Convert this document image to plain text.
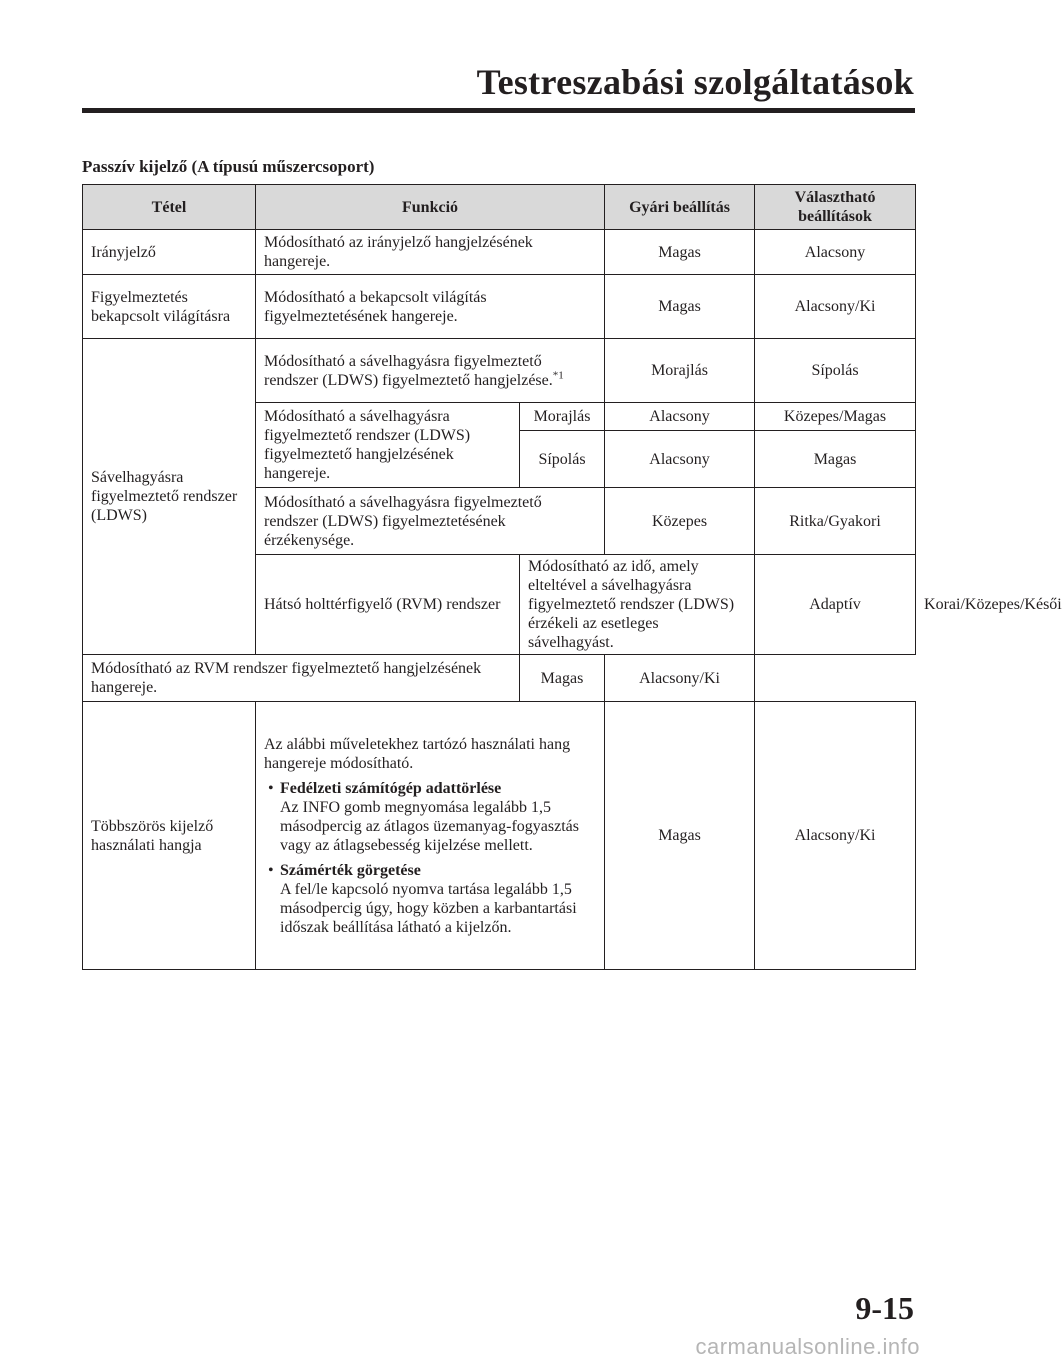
Testreszabási szolgáltatások
Passzív kijelző (A típusú műszercsoport)
Tétel	Funkció		Gyári beállítás	Választható beállítások	
Irányjelző	Módosítható az irányjelző hangjelzésének hangereje.		Magas	Alacsony	
Figyelmeztetés bekapcsolt világításra	Módosítható a bekapcsolt világítás figyelmeztetésének hangereje.		Magas	Alacsony/Ki	
Sávelhagyásra figyelmeztető rendszer (LDWS)	Módosítható a sávelhagyásra figyelmeztető rendszer (LDWS) figyelmeztető hangjelzése.$^{*1}$		Morajlás	Sípolás	
	Módosítható a sávelhagyásra figyelmeztető rendszer (LDWS) figyelmeztető hangjelzésének hangereje.	Morajlás	Alacsony	Közepes/Magas	
		Sípolás	Alacsony	Magas	
	Módosítható a sávelhagyásra figyelmeztető rendszer (LDWS) figyelmeztetésének érzékenysége.		Közepes	Ritka/Gyakori	
	Hátsó holttérfigyelő (RVM) rendszer	Módosítható az idő, amely elteltével a sávelhagyásra figyelmeztető rendszer (LDWS) érzékeli az esetleges sávelhagyást.		Adaptív	Korai/Közepes/Késői
Módosítható az RVM rendszer figyelmeztető hangjelzésének hangereje.		Magas	Alacsony/Ki		
Többszörös kijelző használati hangja	Az alábbi műveletekhez tartózó használati hang hangereje módosítható.
• Fedélzeti számítógép adattörlése
Az INFO gomb megnyomása legalább 1,5 másodpercig az átlagos üzemanyag-fogyasztás vagy az átlagsebesség kijelzése mellett.
• Számérték görgetése
A fel/le kapcsoló nyomva tartása legalább 1,5 másodpercig úgy, hogy közben a karbantartási időszak beállítása látható a kijelzőn.		Magas	Alacsony/Ki	
9-15
carmanualsonline.info
